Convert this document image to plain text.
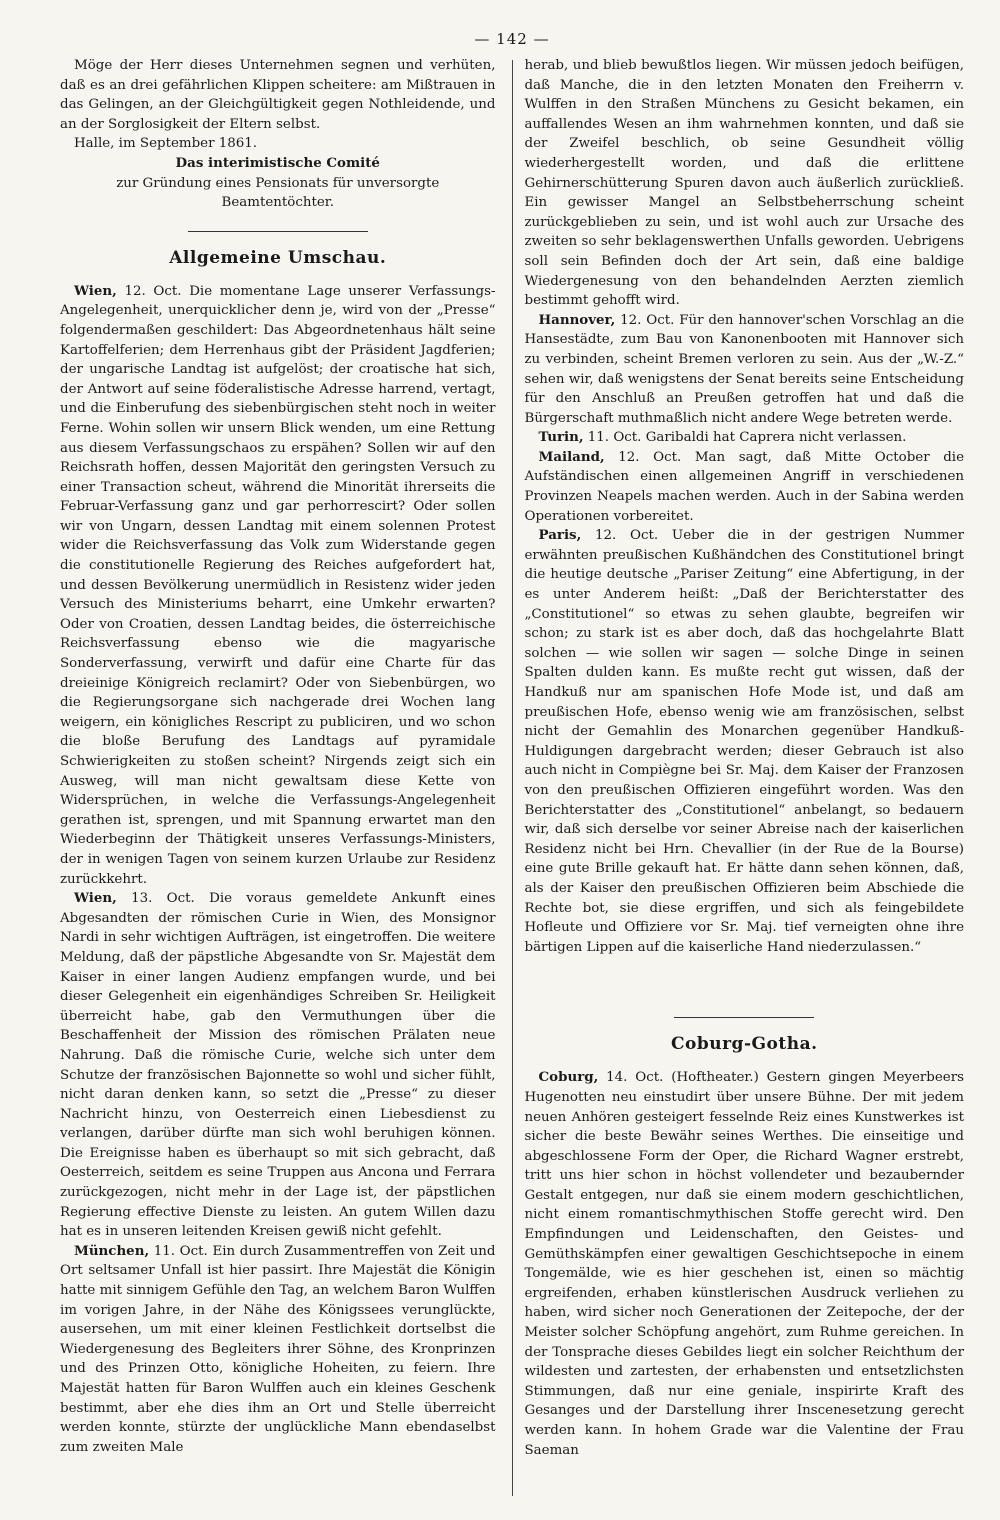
— 142 —

Möge der Herr dieses Unternehmen segnen und verhüten, daß es an drei gefährlichen Klippen scheitere: am Mißtrauen in das Gelingen, an der Gleichgültigkeit gegen Nothleidende, und an der Sorglosigkeit der Eltern selbst.

Halle, im September 1861.

Das interimistische Comité

zur Gründung eines Pensionats für unversorgte

Beamtentöchter.

Allgemeine Umschau.

Wien, 12. Oct. Die momentane Lage unserer Verfassungs-Angelegenheit, unerquicklicher denn je, wird von der „Presse“ folgendermaßen geschildert: Das Abgeordnetenhaus hält seine Kartoffelferien; dem Herrenhaus gibt der Präsident Jagdferien; der ungarische Landtag ist aufgelöst; der croatische hat sich, der Antwort auf seine föderalistische Adresse harrend, vertagt, und die Einberufung des siebenbürgischen steht noch in weiter Ferne. Wohin sollen wir unsern Blick wenden, um eine Rettung aus diesem Verfassungschaos zu erspähen? Sollen wir auf den Reichsrath hoffen, dessen Majorität den geringsten Versuch zu einer Transaction scheut, während die Minorität ihrerseits die Februar-Verfassung ganz und gar perhorrescirt? Oder sollen wir von Ungarn, dessen Landtag mit einem solennen Protest wider die Reichsverfassung das Volk zum Widerstande gegen die constitutionelle Regierung des Reiches aufgefordert hat, und dessen Bevölkerung unermüdlich in Resistenz wider jeden Versuch des Ministeriums beharrt, eine Umkehr erwarten? Oder von Croatien, dessen Landtag beides, die österreichische Reichsverfassung ebenso wie die magyarische Sonderverfassung, verwirft und dafür eine Charte für das dreieinige Königreich reclamirt? Oder von Siebenbürgen, wo die Regierungsorgane sich nachgerade drei Wochen lang weigern, ein königliches Rescript zu publiciren, und wo schon die bloße Berufung des Landtags auf pyramidale Schwierigkeiten zu stoßen scheint? Nirgends zeigt sich ein Ausweg, will man nicht gewaltsam diese Kette von Widersprüchen, in welche die Verfassungs-Angelegenheit gerathen ist, sprengen, und mit Spannung erwartet man den Wiederbeginn der Thätigkeit unseres Verfassungs-Ministers, der in wenigen Tagen von seinem kurzen Urlaube zur Residenz zurückkehrt.

Wien, 13. Oct. Die voraus gemeldete Ankunft eines Abgesandten der römischen Curie in Wien, des Monsignor Nardi in sehr wichtigen Aufträgen, ist eingetroffen. Die weitere Meldung, daß der päpstliche Abgesandte von Sr. Majestät dem Kaiser in einer langen Audienz empfangen wurde, und bei dieser Gelegenheit ein eigenhändiges Schreiben Sr. Heiligkeit überreicht habe, gab den Vermuthungen über die Beschaffenheit der Mission des römischen Prälaten neue Nahrung. Daß die römische Curie, welche sich unter dem Schutze der französischen Bajonnette so wohl und sicher fühlt, nicht daran denken kann, so setzt die „Presse“ zu dieser Nachricht hinzu, von Oesterreich einen Liebesdienst zu verlangen, darüber dürfte man sich wohl beruhigen können. Die Ereignisse haben es überhaupt so mit sich gebracht, daß Oesterreich, seitdem es seine Truppen aus Ancona und Ferrara zurückgezogen, nicht mehr in der Lage ist, der päpstlichen Regierung effective Dienste zu leisten. An gutem Willen dazu hat es in unseren leitenden Kreisen gewiß nicht gefehlt.

München, 11. Oct. Ein durch Zusammentreffen von Zeit und Ort seltsamer Unfall ist hier passirt. Ihre Majestät die Königin hatte mit sinnigem Gefühle den Tag, an welchem Baron Wulffen im vorigen Jahre, in der Nähe des Königssees verunglückte, ausersehen, um mit einer kleinen Festlichkeit dortselbst die Wiedergenesung des Begleiters ihrer Söhne, des Kronprinzen und des Prinzen Otto, königliche Hoheiten, zu feiern. Ihre Majestät hatten für Baron Wulffen auch ein kleines Geschenk bestimmt, aber ehe dies ihm an Ort und Stelle überreicht werden konnte, stürzte der unglückliche Mann ebendaselbst zum zweiten Male

herab, und blieb bewußtlos liegen. Wir müssen jedoch beifügen, daß Manche, die in den letzten Monaten den Freiherrn v. Wulffen in den Straßen Münchens zu Gesicht bekamen, ein auffallendes Wesen an ihm wahrnehmen konnten, und daß sie der Zweifel beschlich, ob seine Gesundheit völlig wiederhergestellt worden, und daß die erlittene Gehirnerschütterung Spuren davon auch äußerlich zurückließ. Ein gewisser Mangel an Selbstbeherrschung scheint zurückgeblieben zu sein, und ist wohl auch zur Ursache des zweiten so sehr beklagenswerthen Unfalls geworden. Uebrigens soll sein Befinden doch der Art sein, daß eine baldige Wiedergenesung von den behandelnden Aerzten ziemlich bestimmt gehofft wird.

Hannover, 12. Oct. Für den hannover'schen Vorschlag an die Hansestädte, zum Bau von Kanonenbooten mit Hannover sich zu verbinden, scheint Bremen verloren zu sein. Aus der „W.-Z.“ sehen wir, daß wenigstens der Senat bereits seine Entscheidung für den Anschluß an Preußen getroffen hat und daß die Bürgerschaft muthmaßlich nicht andere Wege betreten werde.

Turin, 11. Oct. Garibaldi hat Caprera nicht verlassen.

Mailand, 12. Oct. Man sagt, daß Mitte October die Aufständischen einen allgemeinen Angriff in verschiedenen Provinzen Neapels machen werden. Auch in der Sabina werden Operationen vorbereitet.

Paris, 12. Oct. Ueber die in der gestrigen Nummer erwähnten preußischen Kußhändchen des Constitutionel bringt die heutige deutsche „Pariser Zeitung“ eine Abfertigung, in der es unter Anderem heißt: „Daß der Berichterstatter des „Constitutionel“ so etwas zu sehen glaubte, begreifen wir schon; zu stark ist es aber doch, daß das hochgelahrte Blatt solchen — wie sollen wir sagen — solche Dinge in seinen Spalten dulden kann. Es mußte recht gut wissen, daß der Handkuß nur am spanischen Hofe Mode ist, und daß am preußischen Hofe, ebenso wenig wie am französischen, selbst nicht der Gemahlin des Monarchen gegenüber Handkuß-Huldigungen dargebracht werden; dieser Gebrauch ist also auch nicht in Compiègne bei Sr. Maj. dem Kaiser der Franzosen von den preußischen Offizieren eingeführt worden. Was den Berichterstatter des „Constitutionel“ anbelangt, so bedauern wir, daß sich derselbe vor seiner Abreise nach der kaiserlichen Residenz nicht bei Hrn. Chevallier (in der Rue de la Bourse) eine gute Brille gekauft hat. Er hätte dann sehen können, daß, als der Kaiser den preußischen Offizieren beim Abschiede die Rechte bot, sie diese ergriffen, und sich als feingebildete Hofleute und Offiziere vor Sr. Maj. tief verneigten ohne ihre bärtigen Lippen auf die kaiserliche Hand niederzulassen.“

Coburg-Gotha.

Coburg, 14. Oct. (Hoftheater.) Gestern gingen Meyerbeers Hugenotten neu einstudirt über unsere Bühne. Der mit jedem neuen Anhören gesteigert fesselnde Reiz eines Kunstwerkes ist sicher die beste Bewähr seines Werthes. Die einseitige und abgeschlossene Form der Oper, die Richard Wagner erstrebt, tritt uns hier schon in höchst vollendeter und bezaubernder Gestalt entgegen, nur daß sie einem modern geschichtlichen, nicht einem romantischmythischen Stoffe gerecht wird. Den Empfindungen und Leidenschaften, den Geistes- und Gemüthskämpfen einer gewaltigen Geschichtsepoche in einem Tongemälde, wie es hier geschehen ist, einen so mächtig ergreifenden, erhaben künstlerischen Ausdruck verliehen zu haben, wird sicher noch Generationen der Zeitepoche, der der Meister solcher Schöpfung angehört, zum Ruhme gereichen. In der Tonsprache dieses Gebildes liegt ein solcher Reichthum der wildesten und zartesten, der erhabensten und entsetzlichsten Stimmungen, daß nur eine geniale, inspirirte Kraft des Gesanges und der Darstellung ihrer Inscenesetzung gerecht werden kann. In hohem Grade war die Valentine der Frau Saeman
